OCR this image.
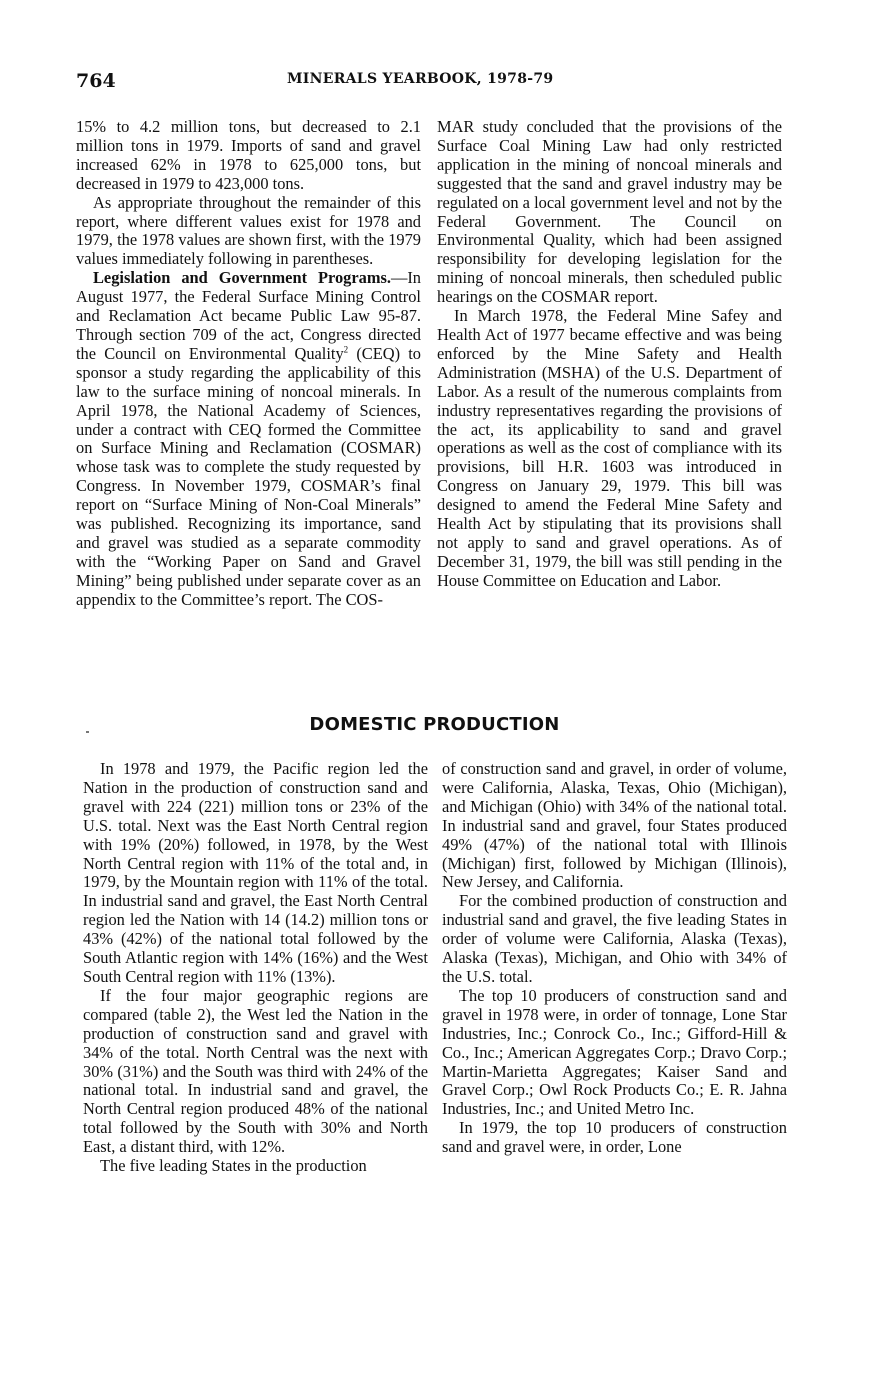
764	MINERALS YEARBOOK, 1978-79

15% to 4.2 million tons, but decreased to 2.1 million tons in 1979. Imports of sand and gravel increased 62% in 1978 to 625,000 tons, but decreased in 1979 to 423,000 tons.

As appropriate throughout the remainder of this report, where different values exist for 1978 and 1979, the 1978 values are shown first, with the 1979 values immediately following in parentheses.

Legislation and Government Programs.—In August 1977, the Federal Surface Mining Control and Reclamation Act became Public Law 95-87. Through section 709 of the act, Congress directed the Council on Environmental Quality$^2$ (CEQ) to sponsor a study regarding the applicability of this law to the surface mining of noncoal minerals. In April 1978, the National Academy of Sciences, under a contract with CEQ formed the Committee on Surface Mining and Reclamation (COSMAR) whose task was to complete the study requested by Congress. In November 1979, COSMAR’s final report on “Surface Mining of Non-Coal Minerals” was published. Recognizing its importance, sand and gravel was studied as a separate commodity with the “Working Paper on Sand and Gravel Mining” being published under separate cover as an appendix to the Committee’s report. The COS-

MAR study concluded that the provisions of the Surface Coal Mining Law had only restricted application in the mining of noncoal minerals and suggested that the sand and gravel industry may be regulated on a local government level and not by the Federal Government. The Council on Environmental Quality, which had been assigned responsibility for developing legislation for the mining of noncoal minerals, then scheduled public hearings on the COSMAR report.

In March 1978, the Federal Mine Safey and Health Act of 1977 became effective and was being enforced by the Mine Safety and Health Administration (MSHA) of the U.S. Department of Labor. As a result of the numerous complaints from industry representatives regarding the provisions of the act, its applicability to sand and gravel operations as well as the cost of compliance with its provisions, bill H.R. 1603 was introduced in Congress on January 29, 1979. This bill was designed to amend the Federal Mine Safety and Health Act by stipulating that its provisions shall not apply to sand and gravel operations. As of December 31, 1979, the bill was still pending in the House Committee on Education and Labor.

DOMESTIC PRODUCTION

In 1978 and 1979, the Pacific region led the Nation in the production of construction sand and gravel with 224 (221) million tons or 23% of the U.S. total. Next was the East North Central region with 19% (20%) followed, in 1978, by the West North Central region with 11% of the total and, in 1979, by the Mountain region with 11% of the total. In industrial sand and gravel, the East North Central region led the Nation with 14 (14.2) million tons or 43% (42%) of the national total followed by the South Atlantic region with 14% (16%) and the West South Central region with 11% (13%).

If the four major geographic regions are compared (table 2), the West led the Nation in the production of construction sand and gravel with 34% of the total. North Central was the next with 30% (31%) and the South was third with 24% of the national total. In industrial sand and gravel, the North Central region produced 48% of the national total followed by the South with 30% and North East, a distant third, with 12%.

The five leading States in the production

of construction sand and gravel, in order of volume, were California, Alaska, Texas, Ohio (Michigan), and Michigan (Ohio) with 34% of the national total. In industrial sand and gravel, four States produced 49% (47%) of the national total with Illinois (Michigan) first, followed by Michigan (Illinois), New Jersey, and California.

For the combined production of construction and industrial sand and gravel, the five leading States in order of volume were California, Alaska (Texas), Alaska (Texas), Michigan, and Ohio with 34% of the U.S. total.

The top 10 producers of construction sand and gravel in 1978 were, in order of tonnage, Lone Star Industries, Inc.; Conrock Co., Inc.; Gifford-Hill & Co., Inc.; American Aggregates Corp.; Dravo Corp.; Martin-Marietta Aggregates; Kaiser Sand and Gravel Corp.; Owl Rock Products Co.; E. R. Jahna Industries, Inc.; and United Metro Inc.

In 1979, the top 10 producers of construction sand and gravel were, in order, Lone
